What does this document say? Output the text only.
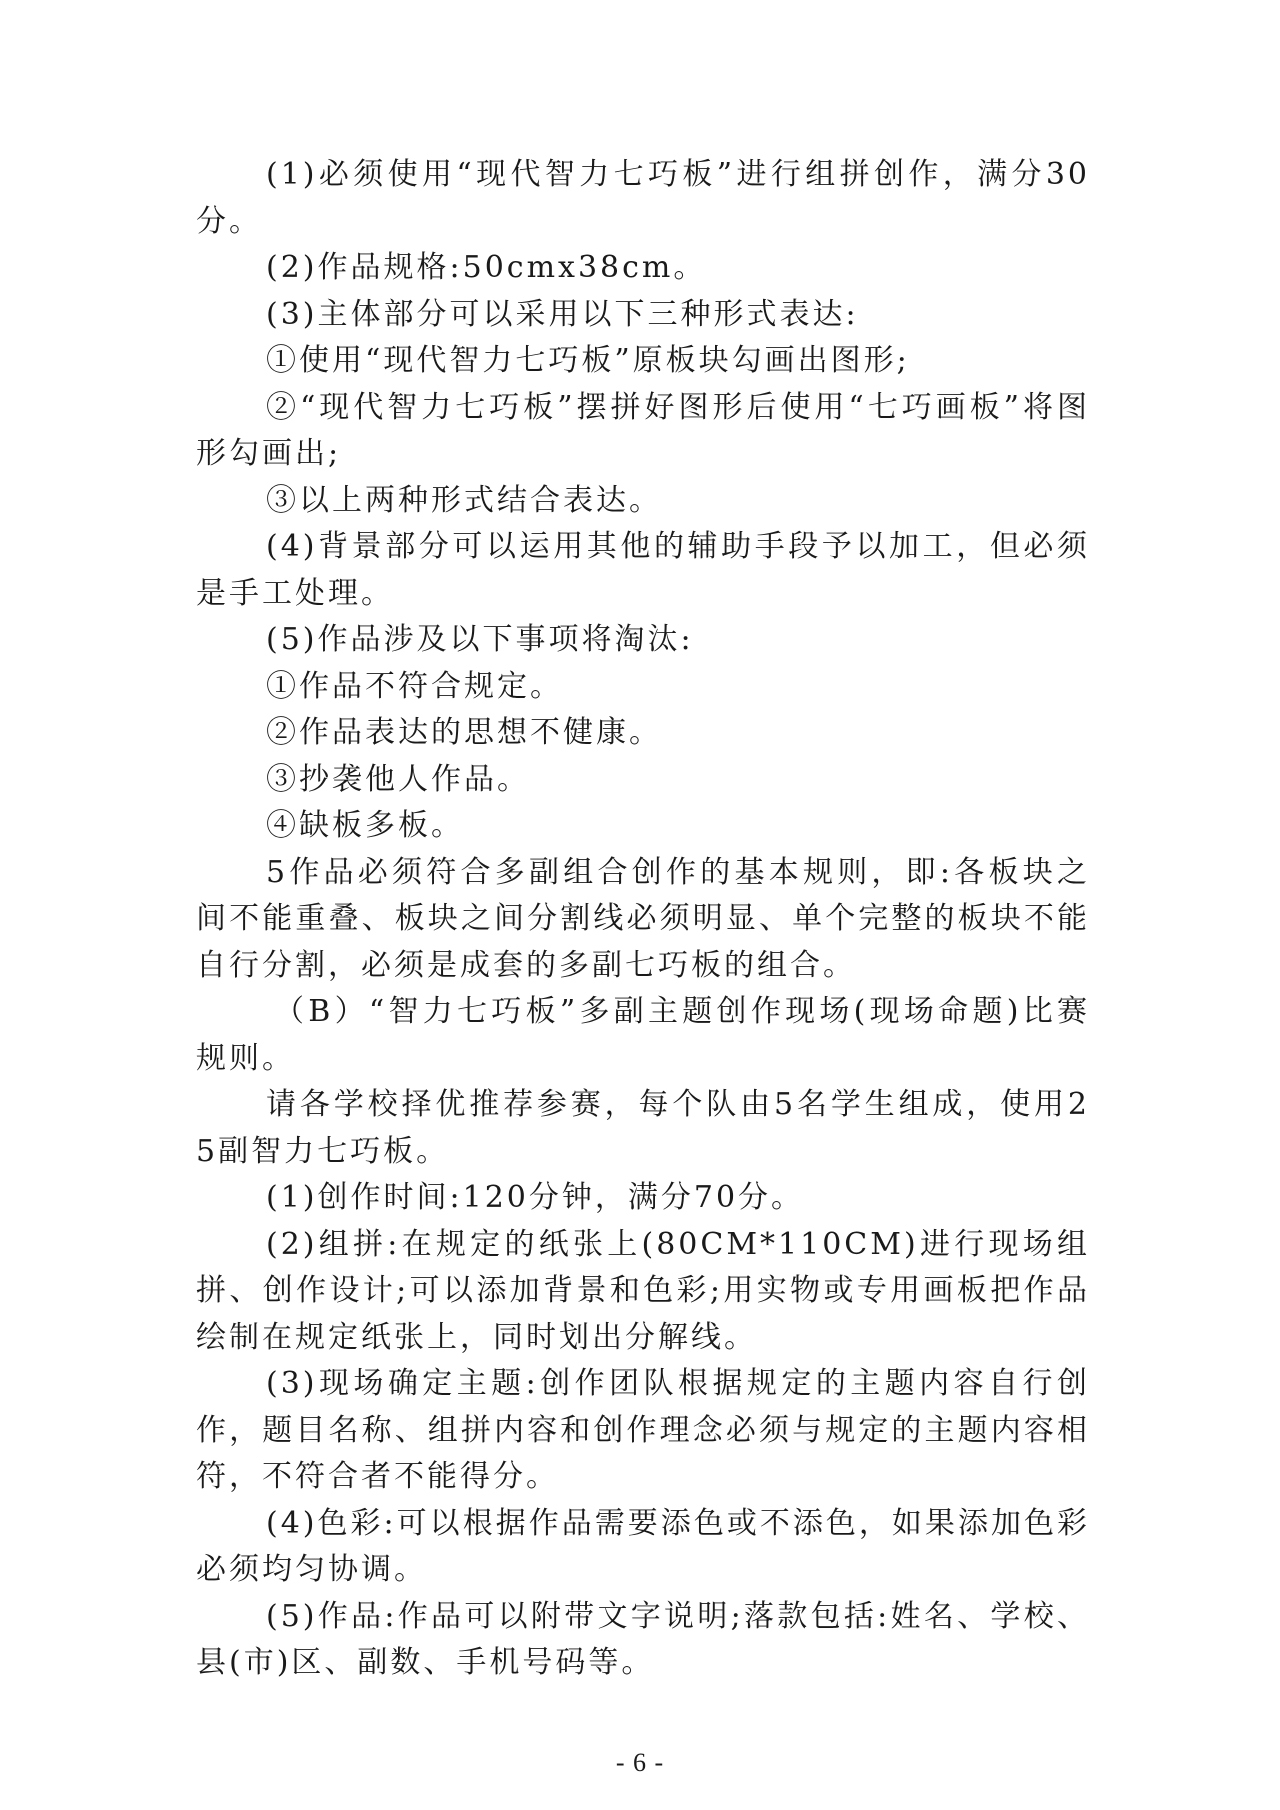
(1)必须使用“现代智力七巧板”进行组拼创作，满分30分。

(2)作品规格:50cmx38cm。

(3)主体部分可以采用以下三种形式表达:

①使用“现代智力七巧板”原板块勾画出图形;

②“现代智力七巧板”摆拼好图形后使用“七巧画板”将图形勾画出;

③以上两种形式结合表达。

(4)背景部分可以运用其他的辅助手段予以加工，但必须是手工处理。

(5)作品涉及以下事项将淘汰:

①作品不符合规定。

②作品表达的思想不健康。

③抄袭他人作品。

④缺板多板。

5作品必须符合多副组合创作的基本规则，即:各板块之间不能重叠、板块之间分割线必须明显、单个完整的板块不能自行分割，必须是成套的多副七巧板的组合。

（B）“智力七巧板”多副主题创作现场(现场命题)比赛规则。

请各学校择优推荐参赛，每个队由5名学生组成，使用25副智力七巧板。

(1)创作时间:120分钟，满分70分。

(2)组拼:在规定的纸张上(80CM*110CM)进行现场组拼、创作设计;可以添加背景和色彩;用实物或专用画板把作品绘制在规定纸张上，同时划出分解线。

(3)现场确定主题:创作团队根据规定的主题内容自行创作，题目名称、组拼内容和创作理念必须与规定的主题内容相符，不符合者不能得分。

(4)色彩:可以根据作品需要添色或不添色，如果添加色彩必须均匀协调。

(5)作品:作品可以附带文字说明;落款包括:姓名、学校、县(市)区、副数、手机号码等。

- 6 -
